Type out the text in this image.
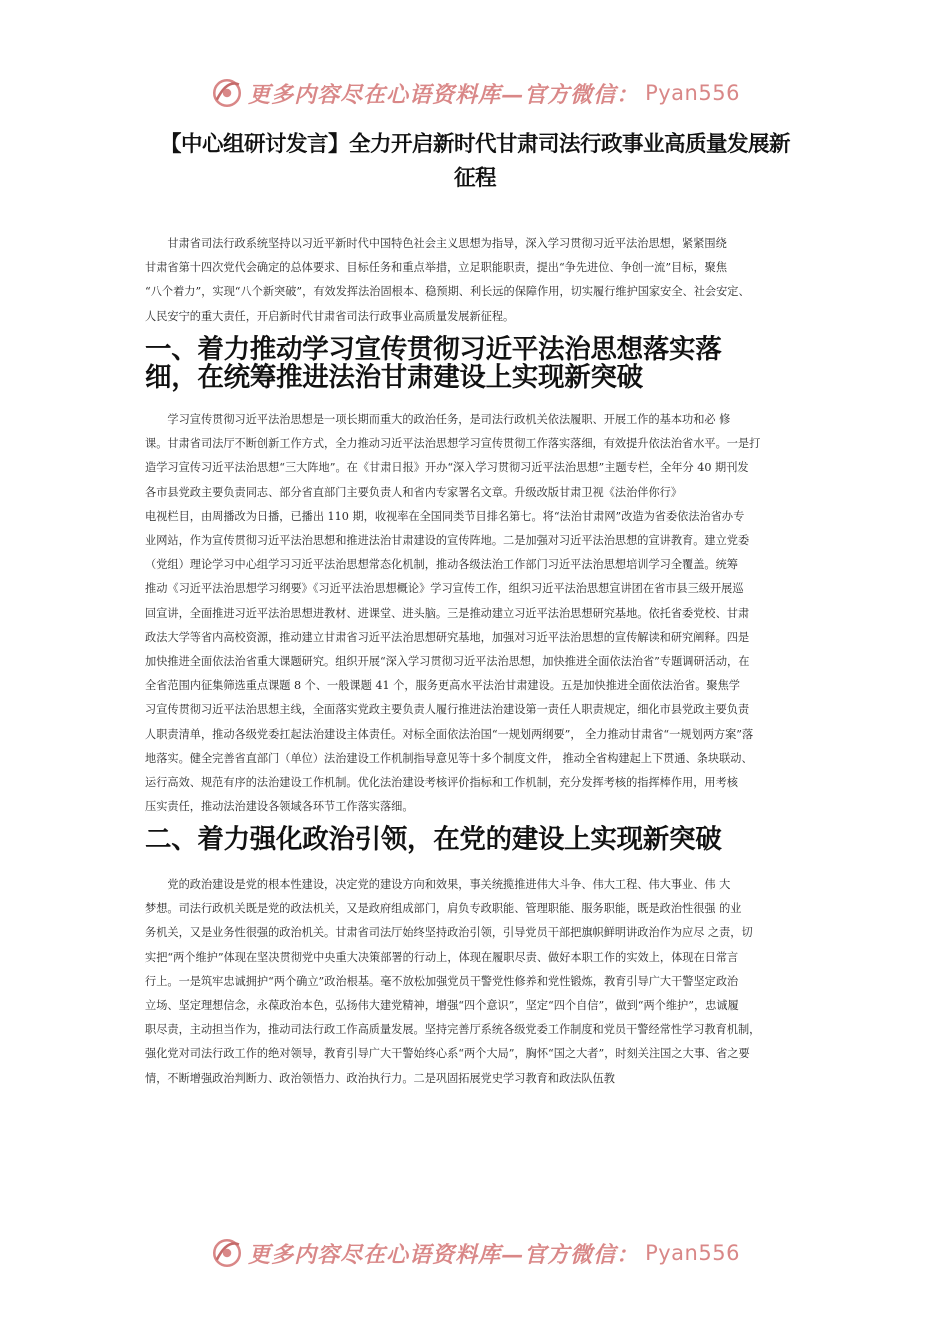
更多内容尽在心语资料库—官方微信： Pyan556
【中心组研讨发言】全力开启新时代甘肃司法行政事业高质量发展新
征程
　　甘肃省司法行政系统坚持以习近平新时代中国特色社会主义思想为指导，深入学习贯彻习近平法治思想，紧紧围绕
甘肃省第十四次党代会确定的总体要求、目标任务和重点举措，立足职能职责，提出“争先进位、争创一流”目标，聚焦
“八个着力”，实现“八个新突破”，有效发挥法治固根本、稳预期、利长远的保障作用，切实履行维护国家安全、社会安定、
人民安宁的重大责任，开启新时代甘肃省司法行政事业高质量发展新征程。
一、着力推动学习宣传贯彻习近平法治思想落实落
细，在统筹推进法治甘肃建设上实现新突破
　　学习宣传贯彻习近平法治思想是一项长期而重大的政治任务，是司法行政机关依法履职、开展工作的基本功和必 修
课。甘肃省司法厅不断创新工作方式，全力推动习近平法治思想学习宣传贯彻工作落实落细，有效提升依法治省水平。一是打
造学习宣传习近平法治思想“三大阵地”。在《甘肃日报》开办“深入学习贯彻习近平法治思想”主题专栏，全年分 40 期刊发
各市县党政主要负责同志、部分省直部门主要负责人和省内专家署名文章。升级改版甘肃卫视《法治伴你行》
电视栏目，由周播改为日播，已播出 110 期，收视率在全国同类节目排名第七。将“法治甘肃网”改造为省委依法治省办专
业网站，作为宣传贯彻习近平法治思想和推进法治甘肃建设的宣传阵地。二是加强对习近平法治思想的宣讲教育。建立党委
（党组）理论学习中心组学习习近平法治思想常态化机制，推动各级法治工作部门习近平法治思想培训学习全覆盖。统筹
推动《习近平法治思想学习纲要》《习近平法治思想概论》学习宣传工作，组织习近平法治思想宣讲团在省市县三级开展巡
回宣讲，全面推进习近平法治思想进教材、进课堂、进头脑。三是推动建立习近平法治思想研究基地。依托省委党校、甘肃
政法大学等省内高校资源，推动建立甘肃省习近平法治思想研究基地，加强对习近平法治思想的宣传解读和研究阐释。四是
加快推进全面依法治省重大课题研究。组织开展“深入学习贯彻习近平法治思想，加快推进全面依法治省”专题调研活动，在
全省范围内征集筛选重点课题 8 个、一般课题 41 个，服务更高水平法治甘肃建设。五是加快推进全面依法治省。聚焦学
习宣传贯彻习近平法治思想主线，全面落实党政主要负责人履行推进法治建设第一责任人职责规定，细化市县党政主要负责
人职责清单，推动各级党委扛起法治建设主体责任。对标全面依法治国“一规划两纲要”， 全力推动甘肃省“一规划两方案”落
地落实。健全完善省直部门（单位）法治建设工作机制指导意见等十多个制度文件， 推动全省构建起上下贯通、条块联动、
运行高效、规范有序的法治建设工作机制。优化法治建设考核评价指标和工作机制，充分发挥考核的指挥棒作用，用考核
压实责任，推动法治建设各领域各环节工作落实落细。
二、着力强化政治引领，在党的建设上实现新突破
　　党的政治建设是党的根本性建设，决定党的建设方向和效果，事关统揽推进伟大斗争、伟大工程、伟大事业、伟 大
梦想。司法行政机关既是党的政法机关，又是政府组成部门，肩负专政职能、管理职能、服务职能，既是政治性很强 的业
务机关，又是业务性很强的政治机关。甘肃省司法厅始终坚持政治引领，引导党员干部把旗帜鲜明讲政治作为应尽 之责，切
实把“两个维护”体现在坚决贯彻党中央重大决策部署的行动上，体现在履职尽责、做好本职工作的实效上，体现在日常言
行上。一是筑牢忠诚拥护“两个确立”政治根基。毫不放松加强党员干警党性修养和党性锻炼，教育引导广大干警坚定政治
立场、坚定理想信念，永葆政治本色，弘扬伟大建党精神，增强“四个意识”，坚定“四个自信”，做到“两个维护”，忠诚履
职尽责，主动担当作为，推动司法行政工作高质量发展。坚持完善厅系统各级党委工作制度和党员干警经常性学习教育机制，
强化党对司法行政工作的绝对领导，教育引导广大干警始终心系“两个大局”，胸怀“国之大者”，时刻关注国之大事、省之要
情，不断增强政治判断力、政治领悟力、政治执行力。二是巩固拓展党史学习教育和政法队伍教
更多内容尽在心语资料库—官方微信： Pyan556
